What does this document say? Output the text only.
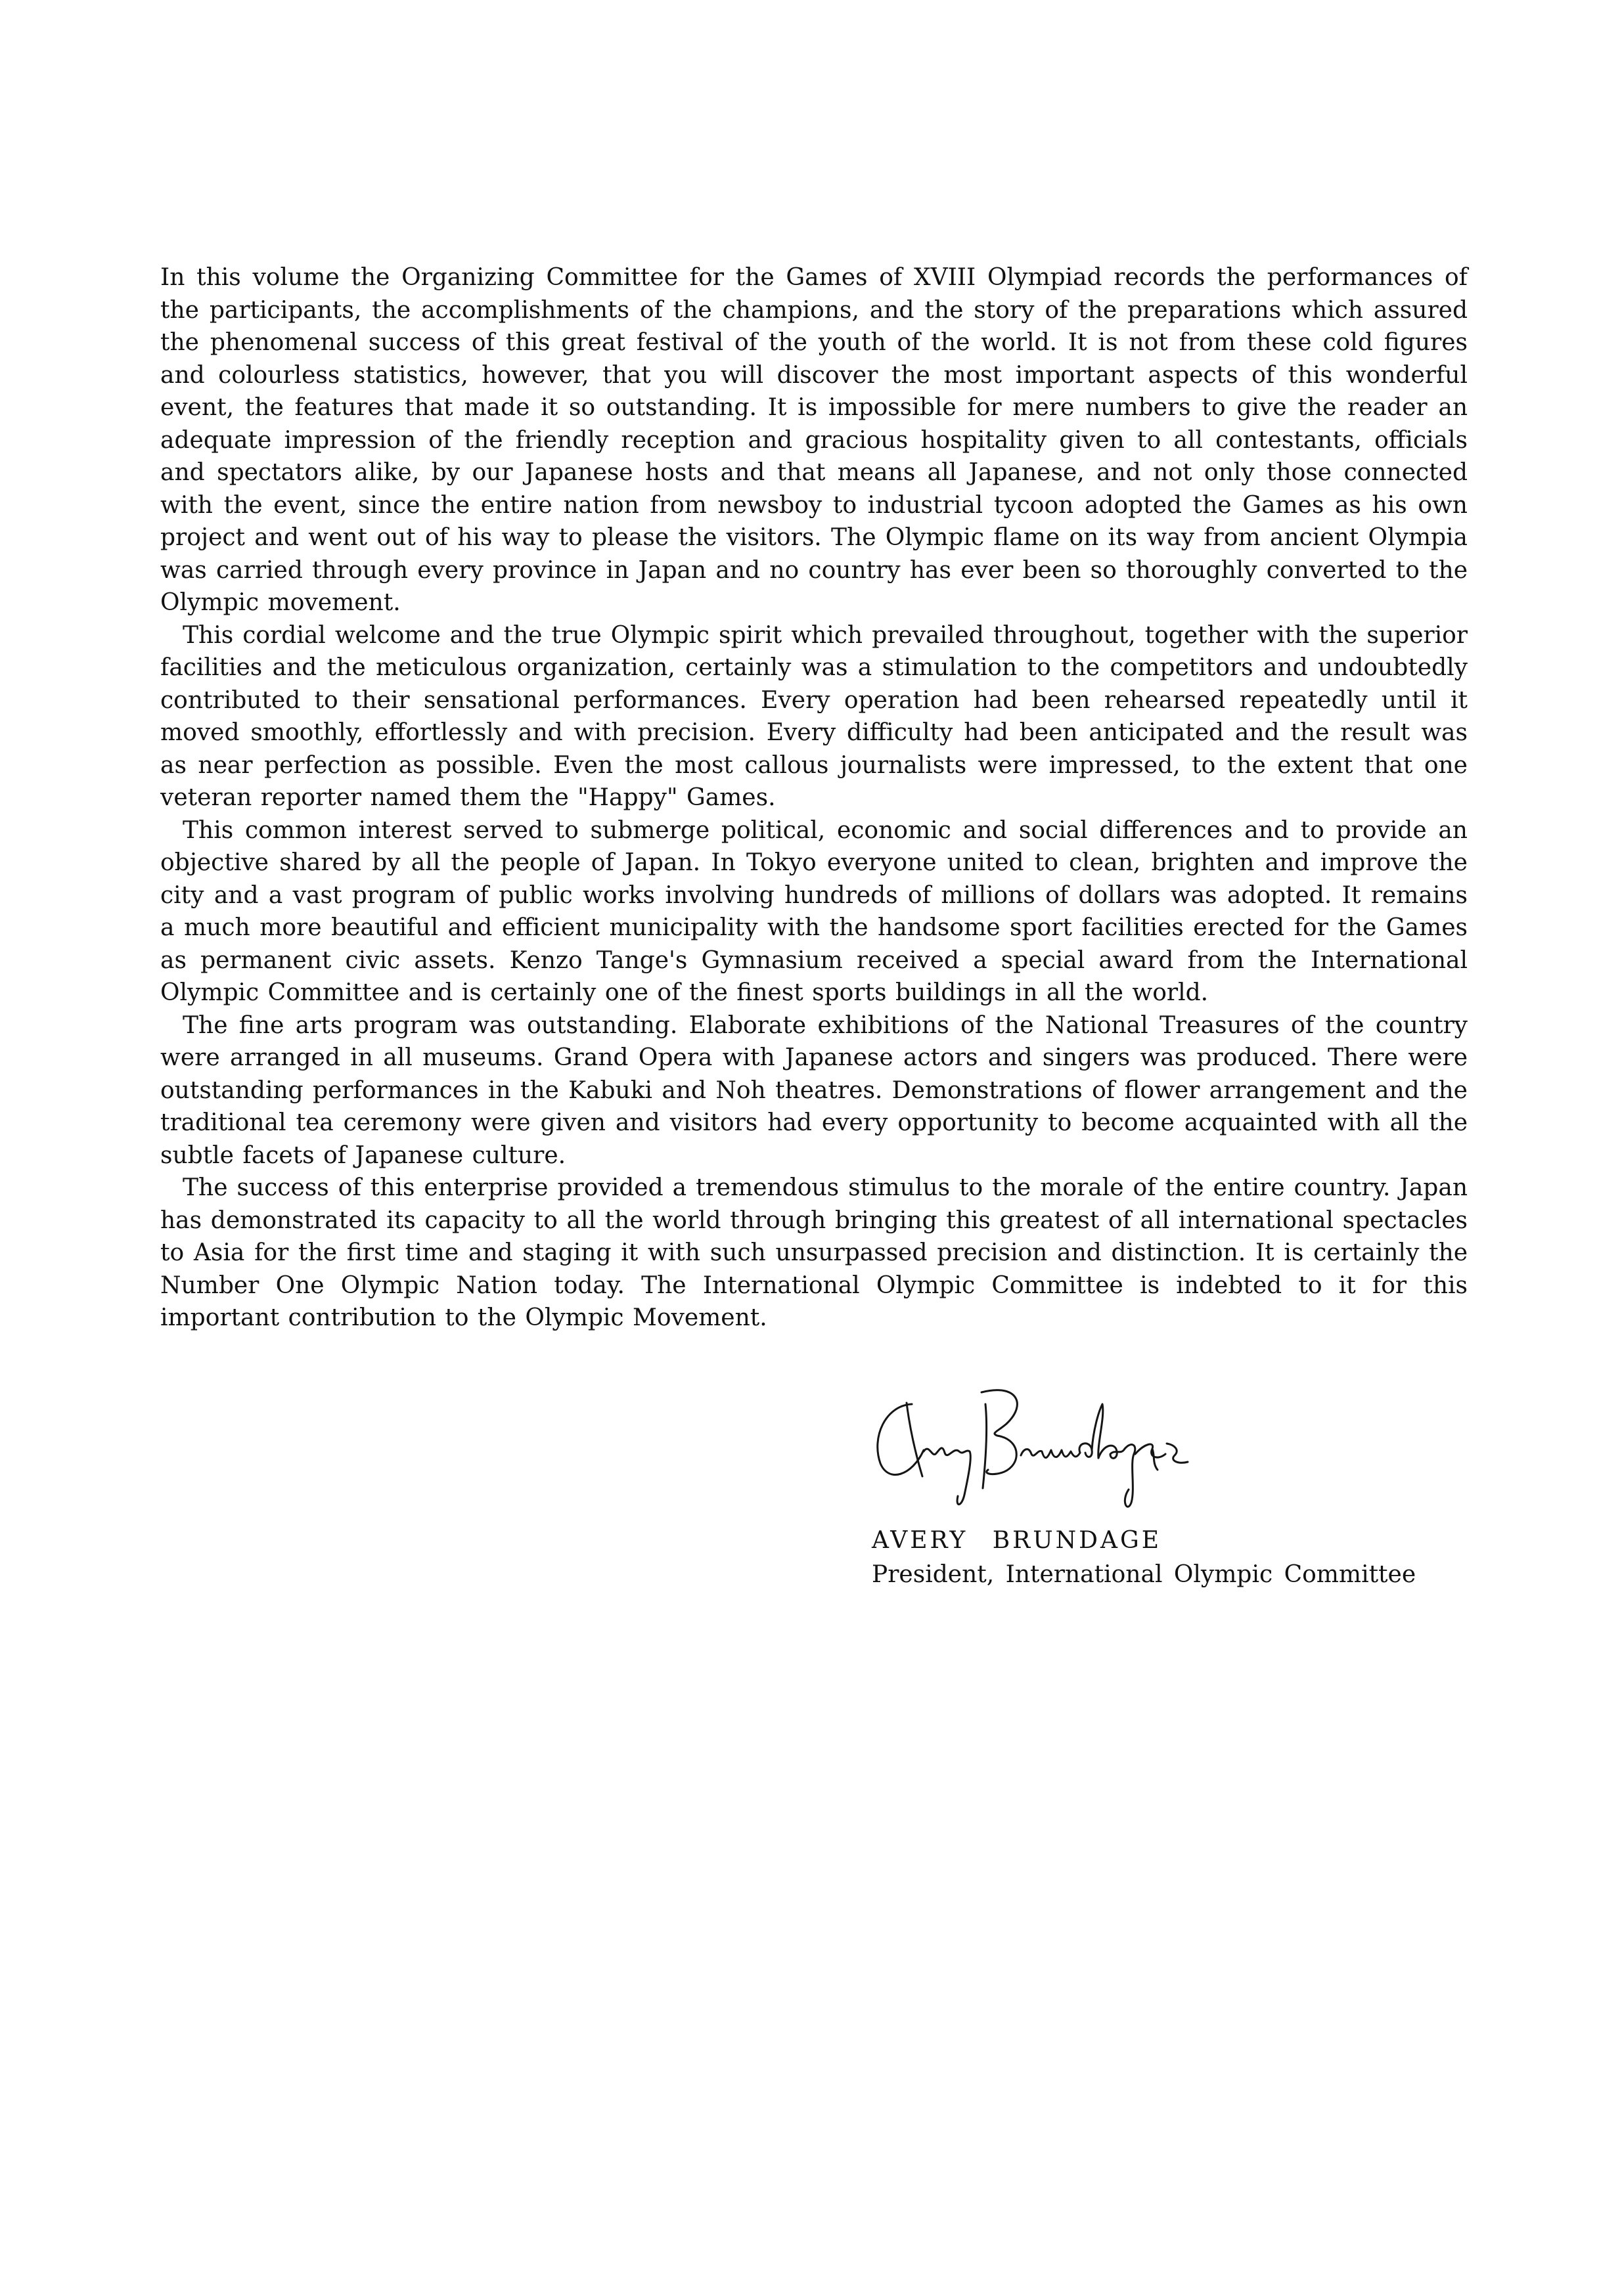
In this volume the Organizing Committee for the Games of XVIII Olympiad records the performances of the participants, the accomplishments of the champions, and the story of the preparations which assured the phenomenal success of this great festival of the youth of the world. It is not from these cold figures and colourless statistics, however, that you will discover the most important aspects of this wonderful event, the features that made it so outstanding. It is impossible for mere numbers to give the reader an adequate impression of the friendly reception and gracious hospitality given to all contestants, officials and spectators alike, by our Japanese hosts and that means all Japanese, and not only those connected with the event, since the entire nation from newsboy to industrial tycoon adopted the Games as his own project and went out of his way to please the visitors. The Olympic flame on its way from ancient Olympia was carried through every province in Japan and no country has ever been so thoroughly converted to the Olympic movement.

This cordial welcome and the true Olympic spirit which prevailed throughout, together with the superior facilities and the meticulous organization, certainly was a stimulation to the competitors and undoubtedly contributed to their sensational performances. Every operation had been rehearsed repeatedly until it moved smoothly, effortlessly and with precision. Every difficulty had been anticipated and the result was as near perfection as possible. Even the most callous journalists were impressed, to the extent that one veteran reporter named them the "Happy" Games.

This common interest served to submerge political, economic and social differences and to provide an objective shared by all the people of Japan. In Tokyo everyone united to clean, brighten and improve the city and a vast program of public works involving hundreds of millions of dollars was adopted. It remains a much more beautiful and efficient municipality with the handsome sport facilities erected for the Games as permanent civic assets. Kenzo Tange's Gymnasium received a special award from the International Olympic Committee and is certainly one of the finest sports buildings in all the world.

The fine arts program was outstanding. Elaborate exhibitions of the National Treasures of the country were arranged in all museums. Grand Opera with Japanese actors and singers was produced. There were outstanding performances in the Kabuki and Noh theatres. Demonstrations of flower arrangement and the traditional tea ceremony were given and visitors had every opportunity to become acquainted with all the subtle facets of Japanese culture.

The success of this enterprise provided a tremendous stimulus to the morale of the entire country. Japan has demonstrated its capacity to all the world through bringing this greatest of all international spectacles to Asia for the first time and staging it with such unsurpassed precision and distinction. It is certainly the Number One Olympic Nation today. The International Olympic Committee is indebted to it for this important contribution to the Olympic Movement.

AVERY BRUNDAGE
President, International Olympic Committee
